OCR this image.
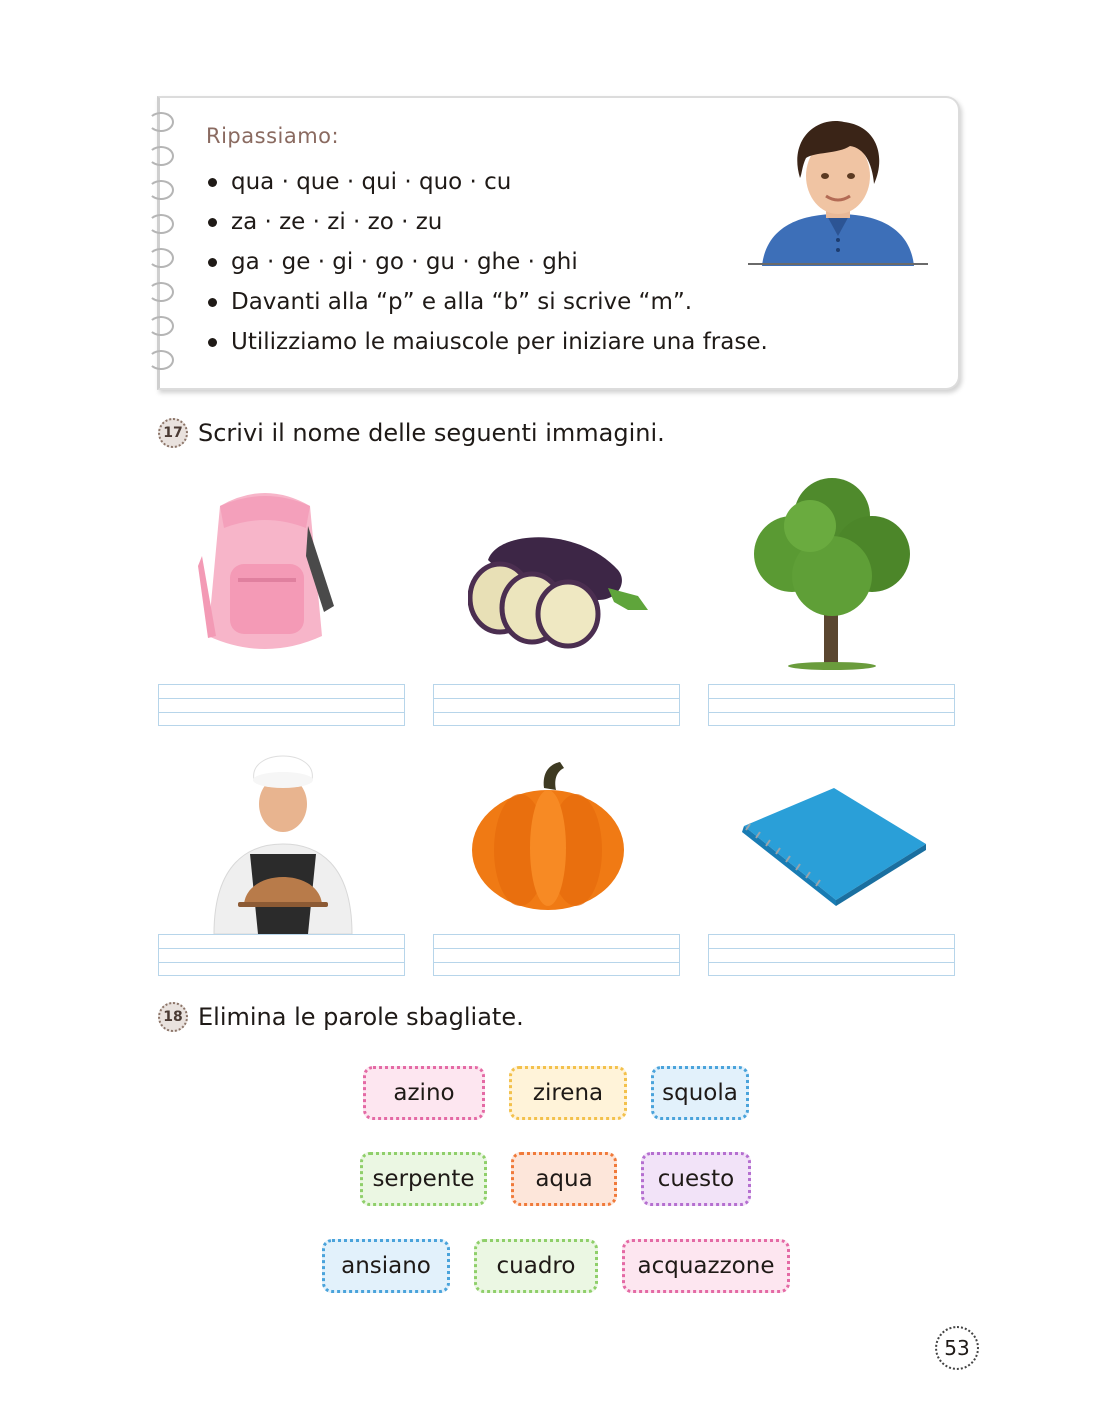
Ripassiamo:
qua · que · qui · quo · cu
za · ze · zi · zo · zu
ga · ge · gi · go · gu · ghe · ghi
Davanti alla “p” e alla “b” si scrive “m”.
Utilizziamo le maiuscole per iniziare una frase.
17 Scrivi il nome delle seguenti immagini.
18 Elimina le parole sbagliate.
azino	zirena	squola
serpente	aqua	cuesto
ansiano	cuadro	acquazzone
53
